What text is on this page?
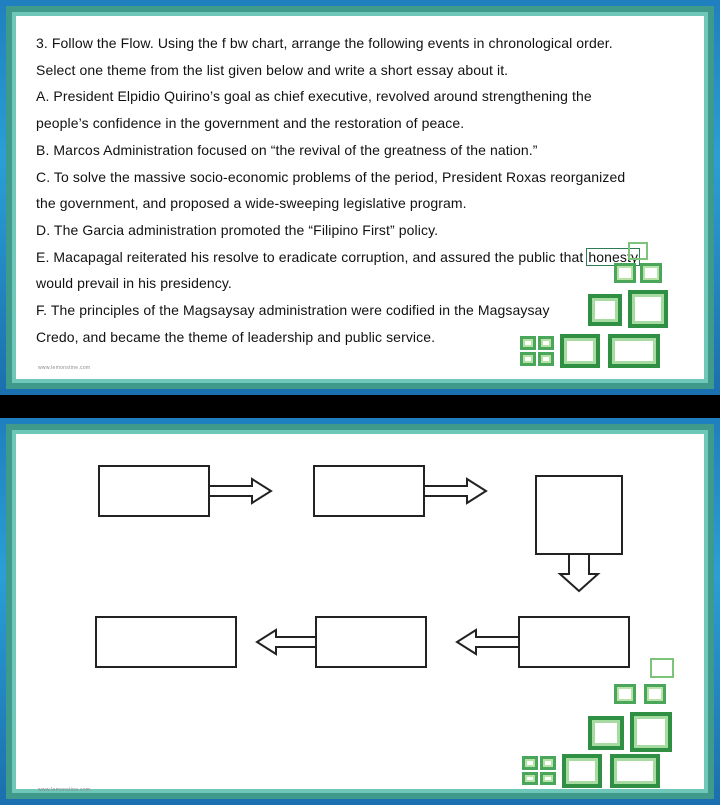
3. Follow the Flow. Using the f bw chart, arrange the following events in chronological order.
Select one theme from the list given below and write a short essay about it.
A. President Elpidio Quirino’s goal as chief executive, revolved around strengthening the
people’s confidence in the government and the restoration of peace.
B. Marcos Administration focused on “the revival of the greatness of the nation.”
C. To solve the massive socio-economic problems of the period, President Roxas reorganized
the government, and proposed a wide-sweeping legislative program.
D. The Garcia administration promoted the “Filipino First” policy.
E. Macapagal reiterated his resolve to eradicate corruption, and assured the public that honesty
would prevail in his presidency.
F. The principles of the Magsaysay administration were codified in the Magsaysay
Credo, and became the theme of leadership and public service.
www.lemonstine.com
www.lemonstine.com
